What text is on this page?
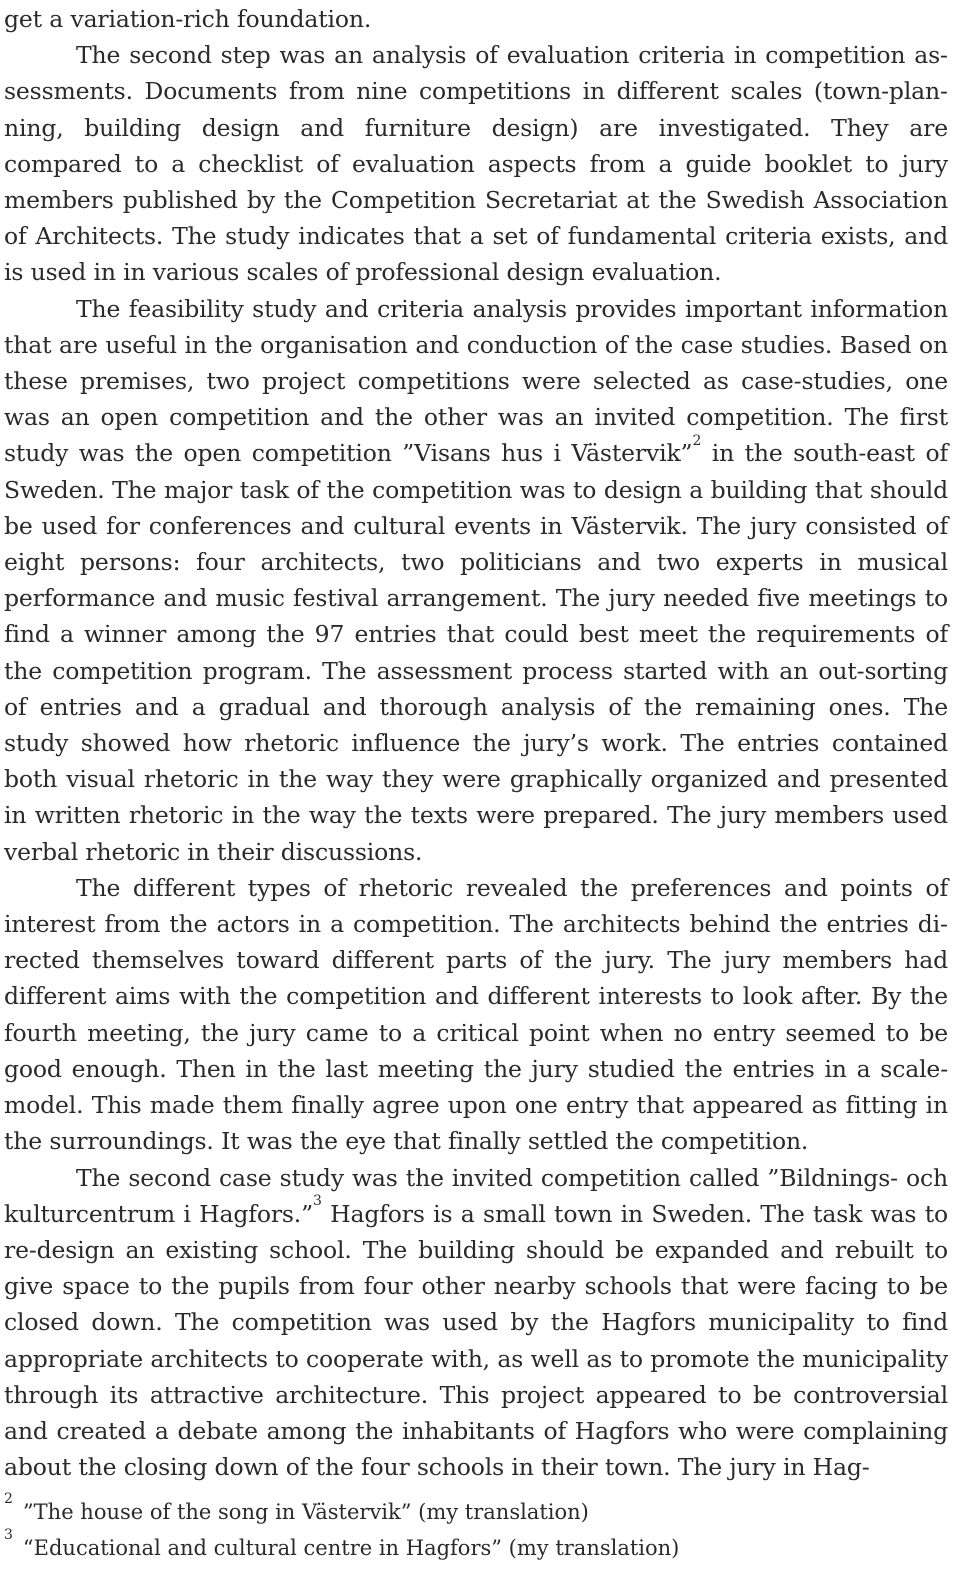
get a variation-rich foundation.

The second step was an analysis of evaluation criteria in competition assessments. Documents from nine competitions in different scales (town-planning, building design and furniture design) are investigated. They are compared to a checklist of evaluation aspects from a guide booklet to jury members published by the Competition Secretariat at the Swedish Association of Architects. The study indicates that a set of fundamental criteria exists, and is used in in various scales of professional design evaluation.

The feasibility study and criteria analysis provides important information that are useful in the organisation and conduction of the case studies. Based on these premises, two project competitions were selected as case-studies, one was an open competition and the other was an invited competition. The first study was the open competition ”Visans hus i Västervik”$^2$ in the south-east of Sweden. The major task of the competition was to design a building that should be used for conferences and cultural events in Västervik. The jury consisted of eight persons: four architects, two politicians and two experts in musical performance and music festival arrangement. The jury needed five meetings to find a winner among the 97 entries that could best meet the requirements of the competition program. The assessment process started with an out-sorting of entries and a gradual and thorough analysis of the remaining ones. The study showed how rhetoric influence the jury’s work. The entries contained both visual rhetoric in the way they were graphically organized and presented in written rhetoric in the way the texts were prepared. The jury members used verbal rhetoric in their discussions.

The different types of rhetoric revealed the preferences and points of interest from the actors in a competition. The architects behind the entries directed themselves toward different parts of the jury. The jury members had different aims with the competition and different interests to look after. By the fourth meeting, the jury came to a critical point when no entry seemed to be good enough. Then in the last meeting the jury studied the entries in a scale-model. This made them finally agree upon one entry that appeared as fitting in the surroundings. It was the eye that finally settled the competition.

The second case study was the invited competition called ”Bildnings- och kulturcentrum i Hagfors.”$^3$ Hagfors is a small town in Sweden. The task was to re-design an existing school. The building should be expanded and rebuilt to give space to the pupils from four other nearby schools that were facing to be closed down. The competition was used by the Hagfors municipality to find appropriate architects to cooperate with, as well as to promote the municipality through its attractive architecture. This project appeared to be controversial and created a debate among the inhabitants of Hagfors who were complaining about the closing down of the four schools in their town. The jury in Hag-

$^2$”The house of the song in Västervik” (my translation)

$^3$“Educational and cultural centre in Hagfors” (my translation)
